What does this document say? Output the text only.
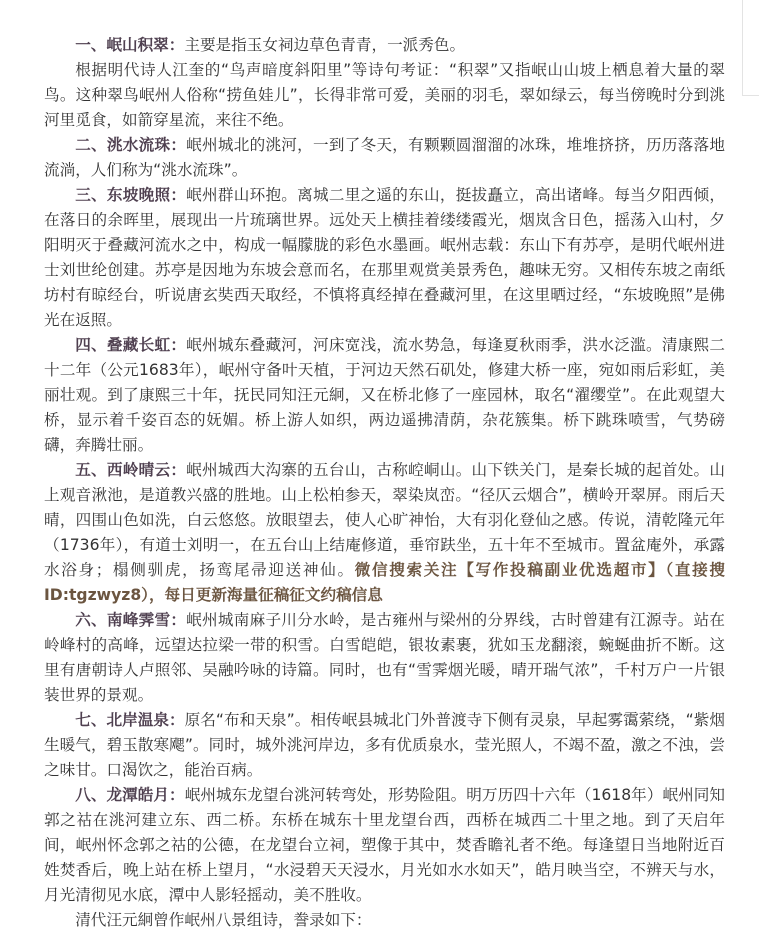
一、岷山积翠：主要是指玉女祠边草色青青，一派秀色。

根据明代诗人江奎的“鸟声暗度斜阳里”等诗句考证：“积翠”又指岷山山坡上栖息着大量的翠鸟。这种翠鸟岷州人俗称“捞鱼娃儿”，长得非常可爱，美丽的羽毛，翠如绿云，每当傍晚时分到洮河里觅食，如箭穿星流，来往不绝。

二、洮水流珠：岷州城北的洮河，一到了冬天，有颗颗圆溜溜的冰珠，堆堆挤挤，历历落落地流淌，人们称为“洮水流珠”。

三、东坡晚照：岷州群山环抱。离城二里之遥的东山，挺拔矗立，高出诸峰。每当夕阳西倾，在落日的余晖里，展现出一片琉璃世界。远处天上横挂着缕缕霞光，烟岚含日色，摇荡入山村，夕阳明灭于叠藏河流水之中，构成一幅朦胧的彩色水墨画。岷州志载：东山下有苏亭，是明代岷州进士刘世纶创建。苏亭是因地为东坡会意而名，在那里观赏美景秀色，趣味无穷。又相传东坡之南纸坊村有晾经台，听说唐玄奘西天取经，不慎将真经掉在叠藏河里，在这里晒过经，“东坡晚照”是佛光在返照。

四、叠藏长虹：岷州城东叠藏河，河床宽浅，流水势急，每逢夏秋雨季，洪水泛滥。清康熙二十二年（公元1683年），岷州守备叶天植，于河边天然石矶处，修建大桥一座，宛如雨后彩虹，美丽壮观。到了康熙三十年，抚民同知汪元絅，又在桥北修了一座园林，取名“濯缨堂”。在此观望大桥，显示着千姿百态的妩媚。桥上游人如织，两边遥拂清荫，杂花簇集。桥下跳珠喷雪，气势磅礴，奔腾壮丽。

五、西岭晴云：岷州城西大沟寨的五台山，古称崆峒山。山下铁关门，是秦长城的起首处。山上观音湫池，是道教兴盛的胜地。山上松柏参天，翠染岚峦。“径仄云烟合”，横岭开翠屏。雨后天晴，四围山色如洗，白云悠悠。放眼望去，使人心旷神怡，大有羽化登仙之感。传说，清乾隆元年（1736年），有道士刘明一，在五台山上结庵修道，垂帘趺坐，五十年不至城市。置盆庵外，承露水浴身；榻侧驯虎，扬鸾尾帚迎送神仙。微信搜索关注【写作投稿副业优选超市】（直接搜ID:tgzwyz8），每日更新海量征稿征文约稿信息

六、南峰霁雪：岷州城南麻子川分水岭，是古雍州与梁州的分界线，古时曾建有江源寺。站在岭峰村的高峰，远望达拉梁一带的积雪。白雪皑皑，银妆素裹，犹如玉龙翻滚，蜿蜒曲折不断。这里有唐朝诗人卢照邻、吴融吟咏的诗篇。同时，也有“雪霁烟光暖，晴开瑞气浓”，千村万户一片银装世界的景观。

七、北岸温泉：原名“布和天泉”。相传岷县城北门外普渡寺下侧有灵泉，早起雾霭萦绕，“紫烟生暖气，碧玉散寒飔”。同时，城外洮河岸边，多有优质泉水，莹光照人，不竭不盈，激之不浊，尝之味甘。口渴饮之，能治百病。

八、龙潭皓月：岷州城东龙望台洮河转弯处，形势险阻。明万历四十六年（1618年）岷州同知郭之祜在洮河建立东、西二桥。东桥在城东十里龙望台西，西桥在城西二十里之地。到了天启年间，岷州怀念郭之祜的公德，在龙望台立祠，塑像于其中，焚香瞻礼者不绝。每逢望日当地附近百姓焚香后，晚上站在桥上望月，“水浸碧天天浸水，月光如水水如天”，皓月映当空，不辨天与水，月光清彻见水底，潭中人影轻摇动，美不胜收。

清代汪元絅曾作岷州八景组诗，誊录如下：
